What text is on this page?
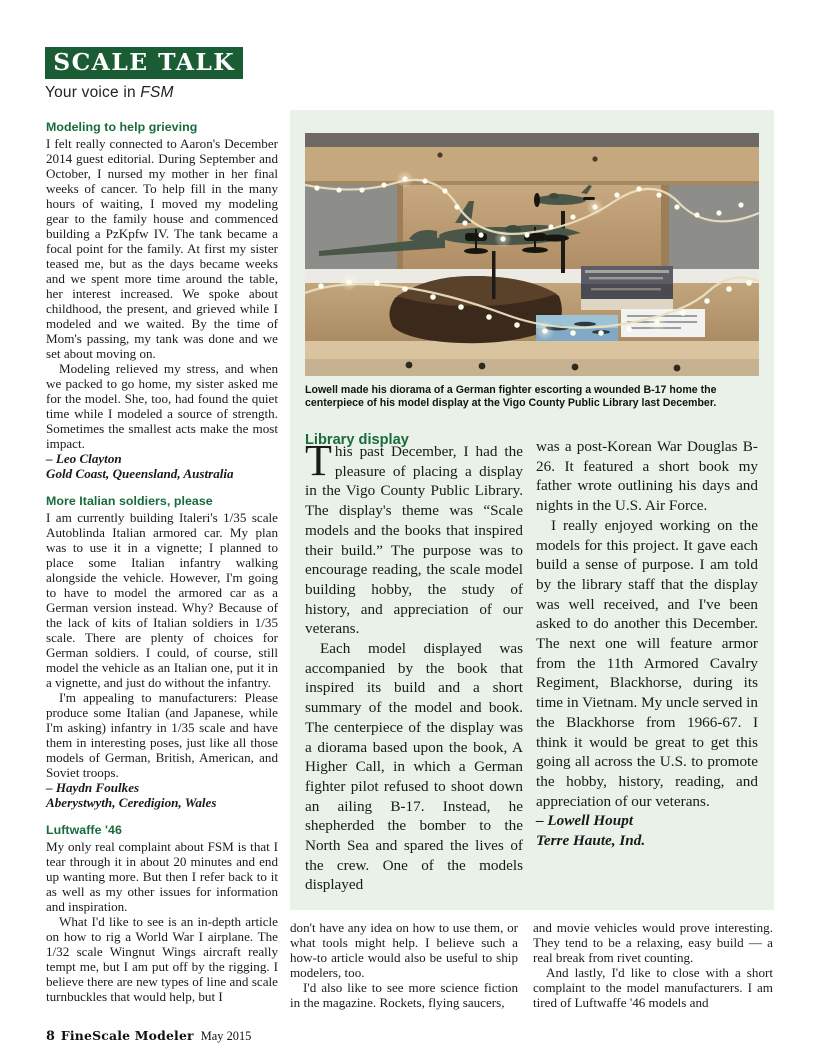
SCALE TALK
Your voice in FSM
Modeling to help grieving

I felt really connected to Aaron's December 2014 guest editorial. During September and October, I nursed my mother in her final weeks of cancer. To help fill in the many hours of waiting, I moved my modeling gear to the family house and commenced building a PzKpfw IV. The tank became a focal point for the family. At first my sister teased me, but as the days became weeks and we spent more time around the table, her interest increased. We spoke about childhood, the present, and grieved while I modeled and we waited. By the time of Mom's passing, my tank was done and we set about moving on.

Modeling relieved my stress, and when we packed to go home, my sister asked me for the model. She, too, had found the quiet time while I modeled a source of strength. Sometimes the smallest acts make the most impact.

– Leo Clayton

Gold Coast, Queensland, Australia

More Italian soldiers, please

I am currently building Italeri's 1/35 scale Autoblinda Italian armored car. My plan was to use it in a vignette; I planned to place some Italian infantry walking alongside the vehicle. However, I'm going to have to model the armored car as a German version instead. Why? Because of the lack of kits of Italian soldiers in 1/35 scale. There are plenty of choices for German soldiers. I could, of course, still model the vehicle as an Italian one, put it in a vignette, and just do without the infantry.

I'm appealing to manufacturers: Please produce some Italian (and Japanese, while I'm asking) infantry in 1/35 scale and have them in interesting poses, just like all those models of German, British, American, and Soviet troops.

– Haydn Foulkes

Aberystwyth, Ceredigion, Wales

Luftwaffe '46

My only real complaint about FSM is that I tear through it in about 20 minutes and end up wanting more. But then I refer back to it as well as my other issues for information and inspiration.

What I'd like to see is an in-depth article on how to rig a World War I airplane. The 1/32 scale Wingnut Wings aircraft really tempt me, but I am put off by the rigging. I believe there are new types of line and scale turnbuckles that would help, but I

Lowell made his diorama of a German fighter escorting a wounded B-17 home the centerpiece of his model display at the Vigo County Public Library last December.
Library display

This past December, I had the pleasure of placing a display in the Vigo County Public Library. The display's theme was “Scale models and the books that inspired their build.” The purpose was to encourage reading, the scale model building hobby, the study of history, and appreciation of our veterans.

Each model displayed was accompanied by the book that inspired its build and a short summary of the model and book. The centerpiece of the display was a diorama based upon the book, A Higher Call, in which a German fighter pilot refused to shoot down an ailing B-17. Instead, he shepherded the bomber to the North Sea and spared the lives of the crew. One of the models displayed

was a post-Korean War Douglas B-26. It featured a short book my father wrote outlining his days and nights in the U.S. Air Force.

I really enjoyed working on the models for this project. It gave each build a sense of purpose. I am told by the library staff that the display was well received, and I've been asked to do another this December. The next one will feature armor from the 11th Armored Cavalry Regiment, Blackhorse, during its time in Vietnam. My uncle served in the Blackhorse from 1966-67. I think it would be great to get this going all across the U.S. to promote the hobby, history, reading, and appreciation of our veterans.

– Lowell Houpt

Terre Haute, Ind.

don't have any idea on how to use them, or what tools might help. I believe such a how-to article would also be useful to ship modelers, too.

I'd also like to see more science fiction in the magazine. Rockets, flying saucers,

and movie vehicles would prove interesting. They tend to be a relaxing, easy build — a real break from rivet counting.

And lastly, I'd like to close with a short complaint to the model manufacturers. I am tired of Luftwaffe '46 models and

8 FineScale Modeler May 2015
